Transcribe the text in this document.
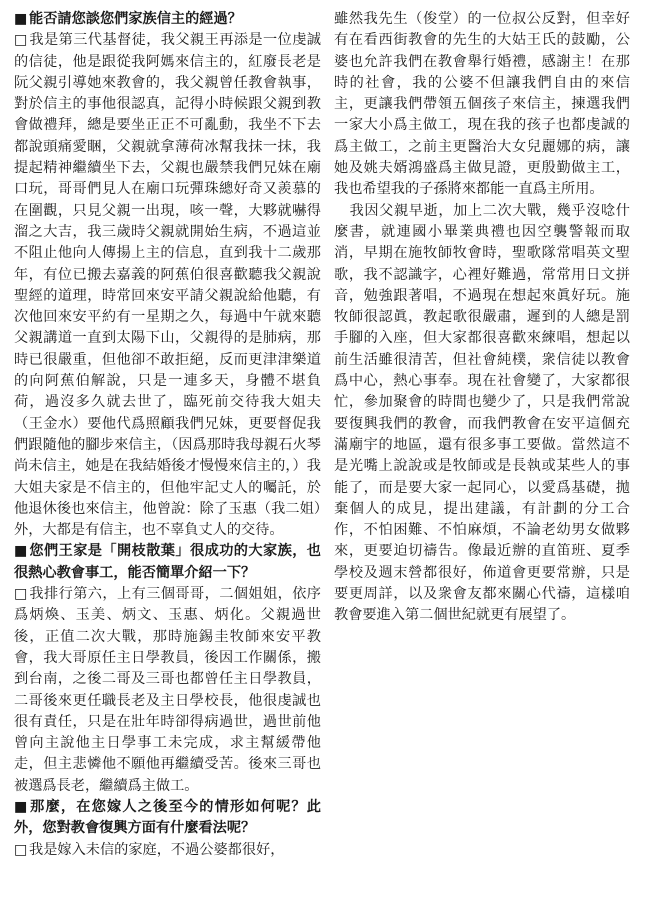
■ 能否請您談您們家族信主的經過？

□ 我是第三代基督徒，我父親王再添是一位虔誠的信徒，他是跟從我阿媽來信主的，紅廢長老是阮父親引導她來教會的，我父親曾任教會執事，對於信主的事他很認真，記得小時候跟父親到教會做禮拜，總是要坐正正不可亂動，我坐不下去都說頭痛愛睏，父親就拿薄荷冰幫我抹一抹，我提起精神繼續坐下去，父親也嚴禁我們兄妹在廟口玩，哥哥們見人在廟口玩彈珠總好奇又羨慕的在圍觀，只見父親一出現，咳一聲，大夥就嚇得溜之大吉，我三歲時父親就開始生病，不過這並不阻止他向人傳揚上主的信息，直到我十二歲那年，有位已搬去嘉義的阿蕉伯很喜歡聽我父親說聖經的道理，時常回來安平請父親說給他聽，有次他回來安平約有一星期之久，每過中午就來聽父親講道一直到太陽下山，父親得的是肺病，那時已很嚴重，但他卻不敢拒絕，反而更津津樂道的向阿蕉伯解說，只是一連多天，身體不堪負荷，過沒多久就去世了，臨死前交待我大姐夫（王金水）要他代爲照顧我們兄妹，更要督促我們跟隨他的腳步來信主，（因爲那時我母親石火琴尚未信主，她是在我結婚後才慢慢來信主的，）我大姐夫家是不信主的，但他牢記丈人的囑託，於他退休後也來信主，他曾說：除了玉惠（我二姐）外，大都是有信主，也不辜負丈人的交待。

■ 您們王家是「開枝散葉」很成功的大家族，也很熱心教會事工，能否簡單介紹一下？

□ 我排行第六，上有三個哥哥，二個姐姐，依序爲炳煥、玉美、炳文、玉惠、炳化。父親過世後，正值二次大戰，那時施錫圭牧師來安平教會，我大哥原任主日學教員，後因工作關係，搬到台南，之後二哥及三哥也都曾任主日學教員，二哥後來更任職長老及主日學校長，他很虔誠也很有責任，只是在壯年時卻得病過世，過世前他曾向主說他主日學事工未完成，求主幫緩帶他走，但主悲憐他不願他再繼續受苦。後來三哥也被選爲長老，繼續爲主做工。

■ 那麼，在您嫁人之後至今的情形如何呢？此外，您對教會復興方面有什麼看法呢？

□ 我是嫁入未信的家庭，不過公婆都很好，

雖然我先生（俊堂）的一位叔公反對，但幸好有在看西街教會的先生的大姑王氏的鼓勵，公婆也允許我們在教會舉行婚禮，感謝主！在那時的社會，我的公婆不但讓我們自由的來信主，更讓我們帶領五個孩子來信主，揀選我們一家大小爲主做工，現在我的孩子也都虔誠的爲主做工，之前主更醫治大女兒麗娜的病，讓她及姚夫婿鴻盛爲主做見證，更殷勤做主工，我也希望我的子孫將來都能一直爲主所用。

我因父親早逝，加上二次大戰，幾乎沒唸什麼書，就連國小畢業典禮也因空襲警報而取消，早期在施牧師牧會時，聖歌隊常唱英文聖歌，我不認識字，心裡好難過，常常用日文拼音，勉強跟著唱，不過現在想起來眞好玩。施牧師很認眞，教起歌很嚴肅，遲到的人總是罰手腳的入座，但大家都很喜歡來練唱，想起以前生活雖很清苦，但社會純樸，衆信徒以教會爲中心，熱心事奉。現在社會變了，大家都很忙，參加聚會的時間也變少了，只是我們常說要復興我們的教會，而我們教會在安平這個充滿廟宇的地區，還有很多事工要做。當然這不是光嘴上說說或是牧師或是長執或某些人的事能了，而是要大家一起同心，以愛爲基礎，拋棄個人的成見，提出建議，有計劃的分工合作，不怕困難、不怕麻煩，不論老幼男女做夥來，更要迫切禱告。像最近辦的直笛班、夏季學校及週末營都很好，佈道會更要常辦，只是要更周詳，以及衆會友都來關心代禱，這樣咱教會要進入第二個世紀就更有展望了。
